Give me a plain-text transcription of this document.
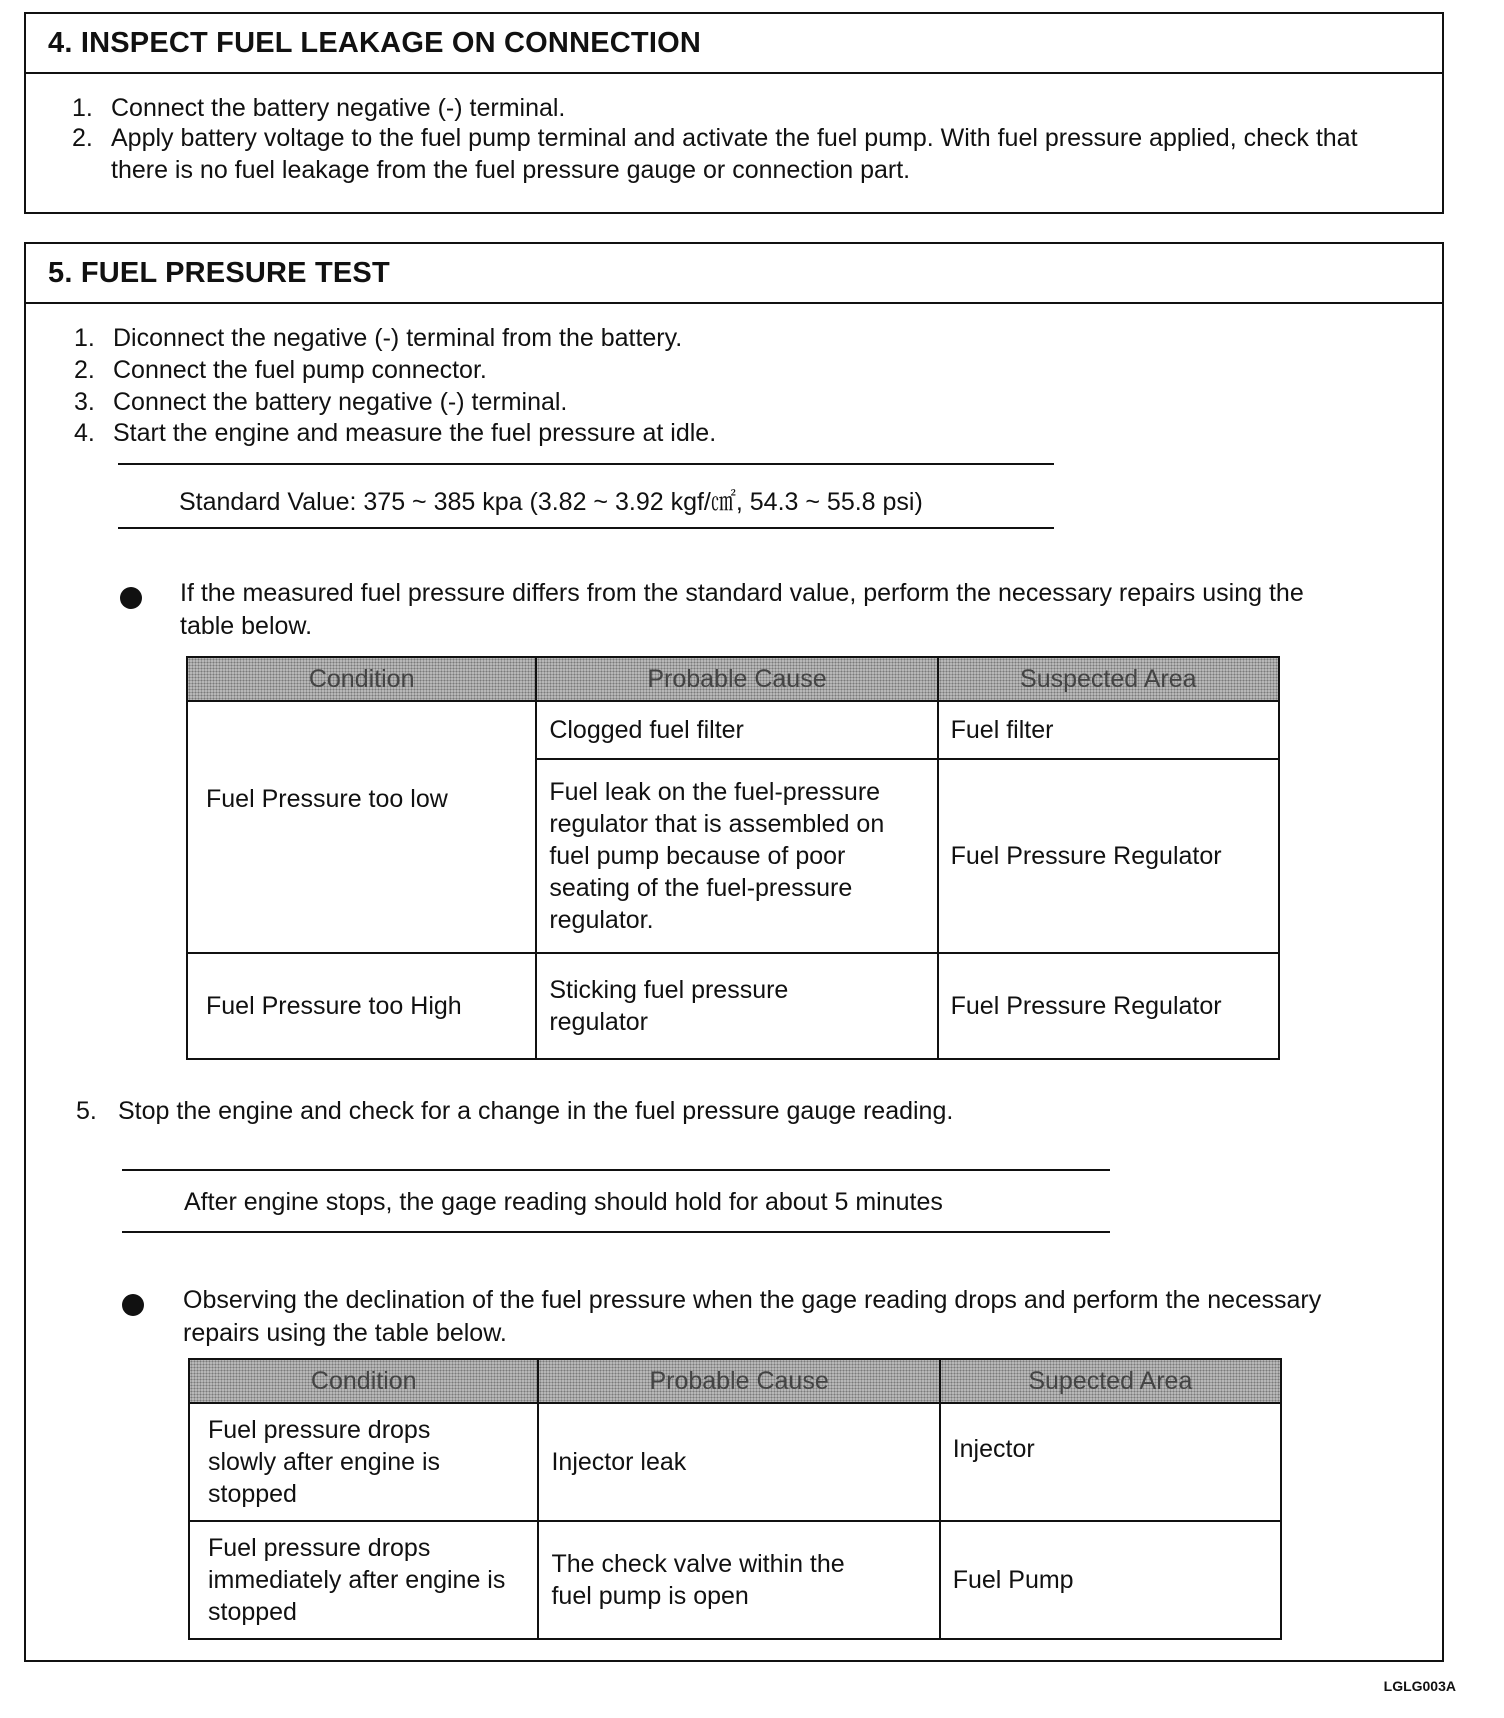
4. INSPECT FUEL LEAKAGE ON CONNECTION
1. Connect the battery negative (-) terminal.
2. Apply battery voltage to the fuel pump terminal and activate the fuel pump. With fuel pressure applied, check that there is no fuel leakage from the fuel pressure gauge or connection part.
5. FUEL PRESURE TEST
1. Diconnect the negative (-) terminal from the battery.
2. Connect the fuel pump connector.
3. Connect the battery negative (-) terminal.
4. Start the engine and measure the fuel pressure at idle.
Standard Value: 375 ~ 385 kpa (3.82 ~ 3.92 kgf/㎠, 54.3 ~ 55.8 psi)
If the measured fuel pressure differs from the standard value, perform the necessary repairs using the table below.
Condition	Probable Cause	Suspected Area
Fuel Pressure too low	Clogged fuel filter	Fuel filter
	Fuel leak on the fuel-pressure regulator that is assembled on fuel pump because of poor seating of the fuel-pressure regulator.	Fuel Pressure Regulator
Fuel Pressure too High	Sticking fuel pressure regulator	Fuel Pressure Regulator
5. Stop the engine and check for a change in the fuel pressure gauge reading.
After engine stops, the gage reading should hold for about 5 minutes
Observing the declination of the fuel pressure when the gage reading drops and perform the necessary repairs using the table below.
Condition	Probable Cause	Supected Area
Fuel pressure drops slowly after engine is stopped	Injector leak	Injector
Fuel pressure drops immediately after engine is stopped	The check valve within the fuel pump is open	Fuel Pump
LGLG003A
